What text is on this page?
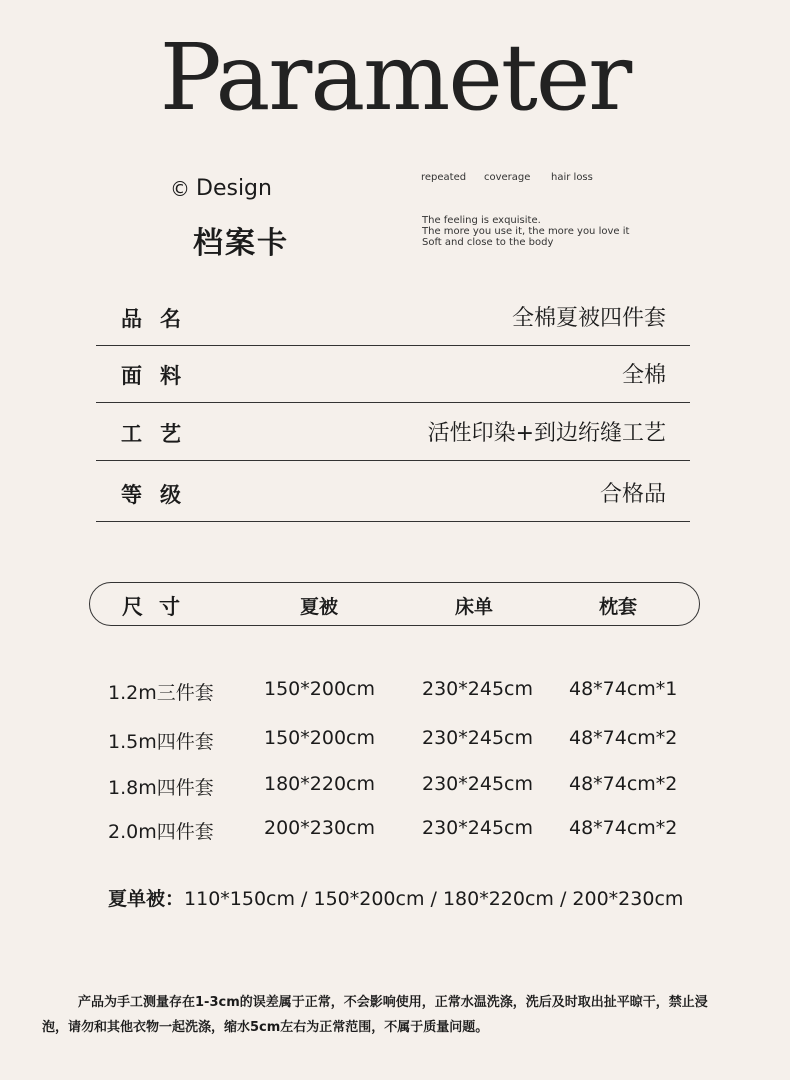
Parameter
© Design
档案卡
repeated coverage hair loss
The feeling is exquisite.
The more you use it, the more you love it
Soft and close to the body
品名	全棉夏被四件套
面料	全棉
工艺	活性印染+到边绗缝工艺
等级	合格品
尺寸	夏被	床单	枕套
1.2m三件套	150*200cm 230*245cm 48*74cm*1
1.5m四件套	150*200cm 230*245cm 48*74cm*2
1.8m四件套	180*220cm 230*245cm 48*74cm*2
2.0m四件套	200*230cm 230*245cm 48*74cm*2
夏单被：110*150cm / 150*200cm / 180*220cm / 200*230cm
产品为手工测量存在1-3cm的误差属于正常，不会影响使用，正常水温洗涤，洗后及时取出扯平晾干，禁止浸泡，请勿和其他衣物一起洗涤，缩水5cm左右为正常范围，不属于质量问题。
